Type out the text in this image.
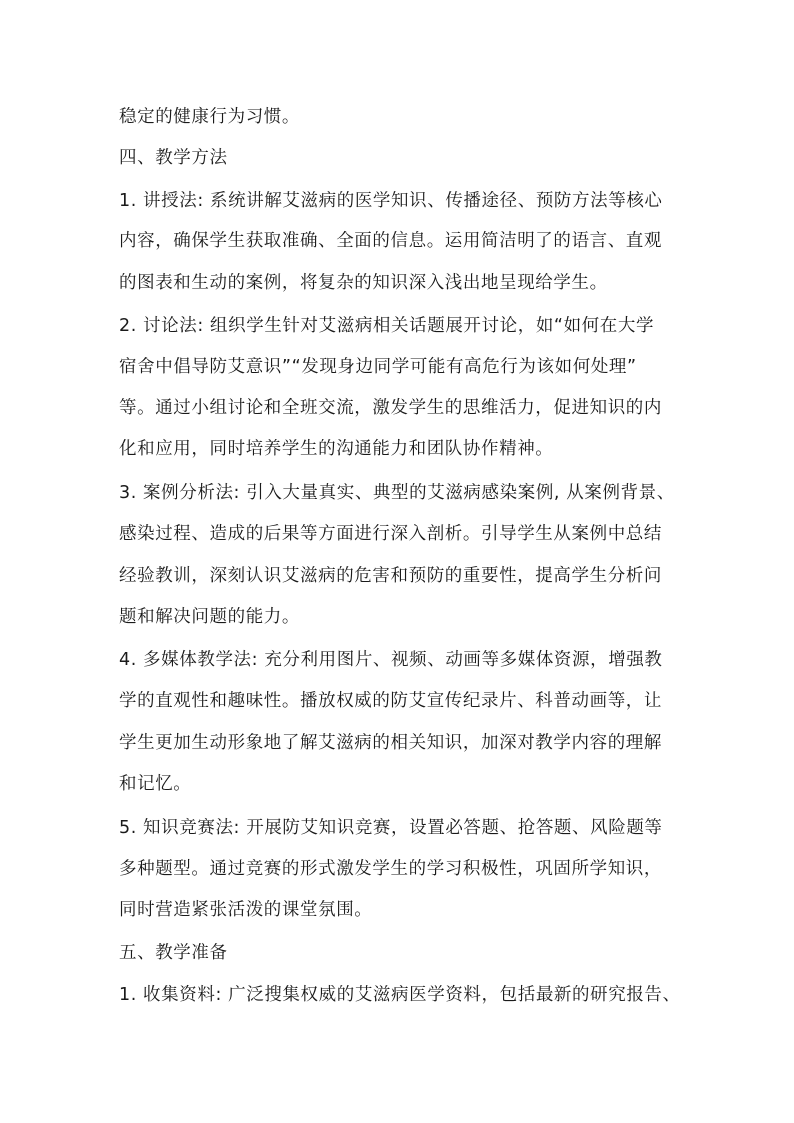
稳定的健康行为习惯。
四、教学方法
1. 讲授法: 系统讲解艾滋病的医学知识、传播途径、预防方法等核心
内容，确保学生获取准确、全面的信息。运用简洁明了的语言、直观
的图表和生动的案例，将复杂的知识深入浅出地呈现给学生。
2. 讨论法: 组织学生针对艾滋病相关话题展开讨论，如“如何在大学
宿舍中倡导防艾意识”“发现身边同学可能有高危行为该如何处理”
等。通过小组讨论和全班交流，激发学生的思维活力，促进知识的内
化和应用，同时培养学生的沟通能力和团队协作精神。
3. 案例分析法: 引入大量真实、典型的艾滋病感染案例, 从案例背景、
感染过程、造成的后果等方面进行深入剖析。引导学生从案例中总结
经验教训，深刻认识艾滋病的危害和预防的重要性，提高学生分析问
题和解决问题的能力。
4. 多媒体教学法: 充分利用图片、视频、动画等多媒体资源，增强教
学的直观性和趣味性。播放权威的防艾宣传纪录片、科普动画等，让
学生更加生动形象地了解艾滋病的相关知识，加深对教学内容的理解
和记忆。
5. 知识竞赛法: 开展防艾知识竞赛，设置必答题、抢答题、风险题等
多种题型。通过竞赛的形式激发学生的学习积极性，巩固所学知识，
同时营造紧张活泼的课堂氛围。
五、教学准备
1. 收集资料: 广泛搜集权威的艾滋病医学资料，包括最新的研究报告、
